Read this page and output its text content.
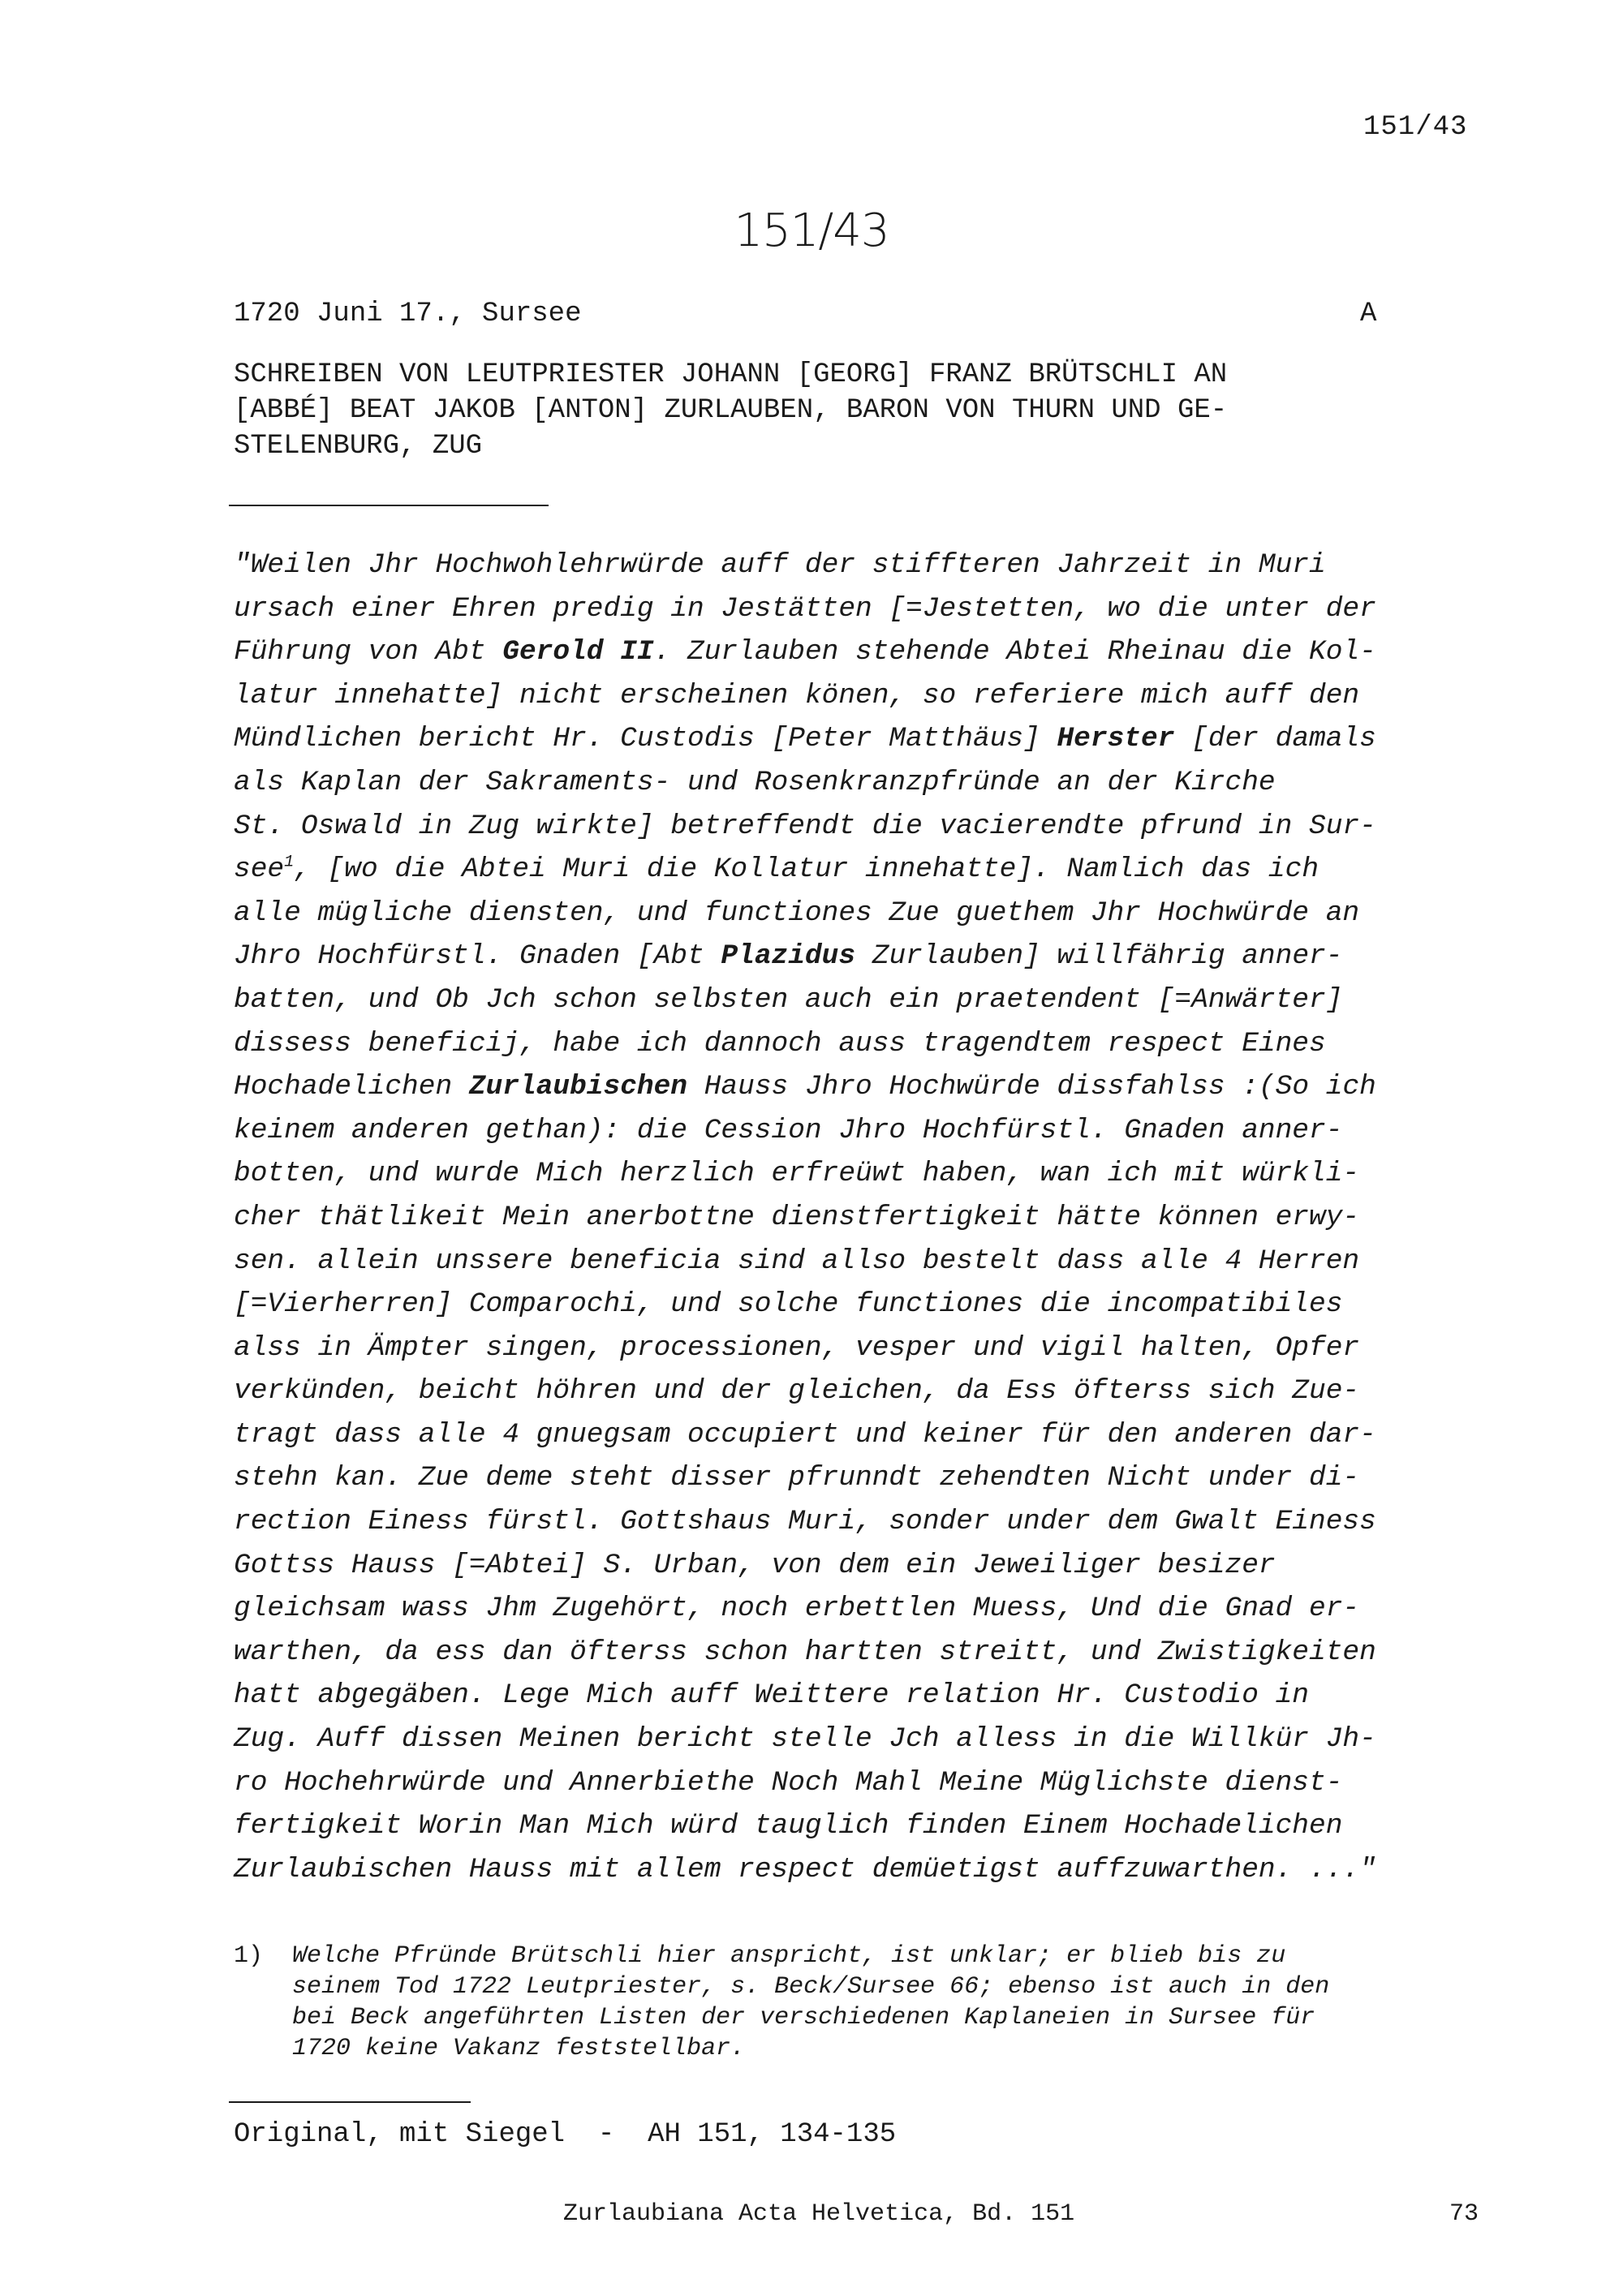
151/43
151/43
1720 Juni 17., Sursee	A
SCHREIBEN VON LEUTPRIESTER JOHANN [GEORG] FRANZ BRÜTSCHLI AN
[ABBÉ] BEAT JAKOB [ANTON] ZURLAUBEN, BARON VON THURN UND GE-
STELENBURG, ZUG
"Weilen Jhr Hochwohlehrwürde auff der stiffteren Jahrzeit in Muri
ursach einer Ehren predig in Jestätten [=Jestetten, wo die unter der
Führung von Abt Gerold II. Zurlauben stehende Abtei Rheinau die Kol-
latur innehatte] nicht erscheinen könen, so referiere mich auff den
Mündlichen bericht Hr. Custodis [Peter Matthäus] Herster [der damals
als Kaplan der Sakraments- und Rosenkranzpfründe an der Kirche
St. Oswald in Zug wirkte] betreffendt die vacierendte pfrund in Sur-
see$^1$, [wo die Abtei Muri die Kollatur innehatte]. Namlich das ich
alle mügliche diensten, und functiones Zue guethem Jhr Hochwürde an
Jhro Hochfürstl. Gnaden [Abt Plazidus Zurlauben] willfährig anner-
batten, und Ob Jch schon selbsten auch ein praetendent [=Anwärter]
dissess beneficij, habe ich dannoch auss tragendtem respect Eines
Hochadelichen Zurlaubischen Hauss Jhro Hochwürde dissfahlss :(So ich
keinem anderen gethan): die Cession Jhro Hochfürstl. Gnaden anner-
botten, und wurde Mich herzlich erfreüwt haben, wan ich mit würkli-
cher thätlikeit Mein anerbottne dienstfertigkeit hätte können erwy-
sen. allein unssere beneficia sind allso bestelt dass alle 4 Herren
[=Vierherren] Comparochi, und solche functiones die incompatibiles
alss in Ämpter singen, processionen, vesper und vigil halten, Opfer
verkünden, beicht höhren und der gleichen, da Ess öfterss sich Zue-
tragt dass alle 4 gnuegsam occupiert und keiner für den anderen dar-
stehn kan. Zue deme steht disser pfrunndt zehendten Nicht under di-
rection Einess fürstl. Gottshaus Muri, sonder under dem Gwalt Einess
Gottss Hauss [=Abtei] S. Urban, von dem ein Jeweiliger besizer
gleichsam wass Jhm Zugehört, noch erbettlen Muess, Und die Gnad er-
warthen, da ess dan öfterss schon hartten streitt, und Zwistigkeiten
hatt abgegäben. Lege Mich auff Weittere relation Hr. Custodio in
Zug. Auff dissen Meinen bericht stelle Jch alless in die Willkür Jh-
ro Hochehrwürde und Annerbiethe Noch Mahl Meine Müglichste dienst-
fertigkeit Worin Man Mich würd tauglich finden Einem Hochadelichen
Zurlaubischen Hauss mit allem respect demüetigst auffzuwarthen. ..."
1)	Welche Pfründe Brütschli hier anspricht, ist unklar; er blieb bis zu
seinem Tod 1722 Leutpriester, s. Beck/Sursee 66; ebenso ist auch in den
bei Beck angeführten Listen der verschiedenen Kaplaneien in Sursee für
1720 keine Vakanz feststellbar.
Original, mit Siegel  -  AH 151, 134-135
Zurlaubiana Acta Helvetica, Bd. 151	73
